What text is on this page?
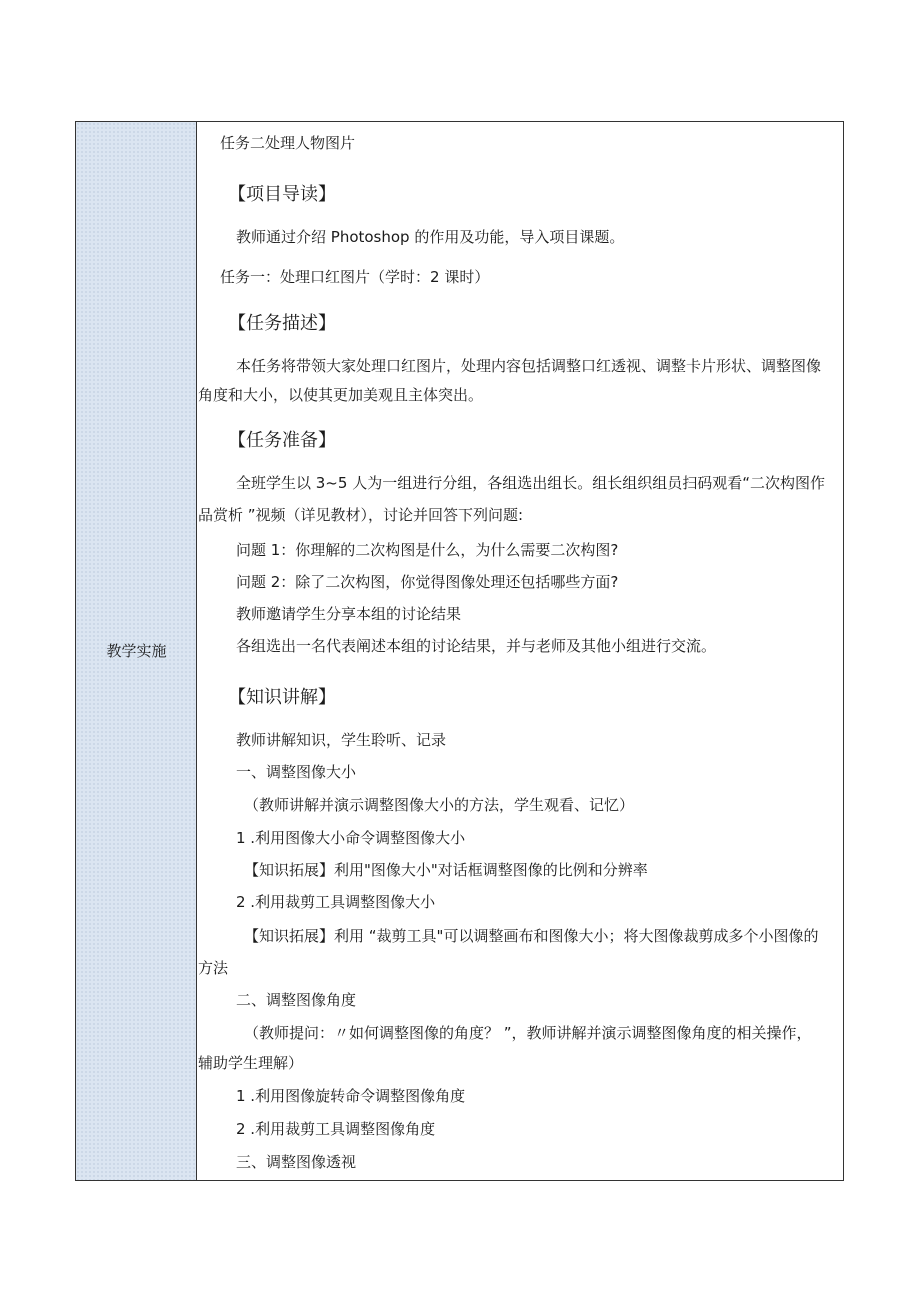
教学实施
任务二处理人物图片
【项目导读】
教师通过介绍 Photoshop 的作用及功能，导入项目课题。
任务一：处理口红图片（学时：2 课时）
【任务描述】
本任务将带领大家处理口红图片，处理内容包括调整口红透视、调整卡片形状、调整图像
角度和大小，以使其更加美观且主体突出。
【任务准备】
全班学生以 3~5 人为一组进行分组，各组选出组长。组长组织组员扫码观看“二次构图作
品赏析 ”视频（详见教材），讨论并回答下列问题:
问题 1：你理解的二次构图是什么，为什么需要二次构图?
问题 2：除了二次构图，你觉得图像处理还包括哪些方面?
教师邀请学生分享本组的讨论结果
各组选出一名代表阐述本组的讨论结果，并与老师及其他小组进行交流。
【知识讲解】
教师讲解知识，学生聆听、记录
一、调整图像大小
（教师讲解并演示调整图像大小的方法，学生观看、记忆）
1 .利用图像大小命令调整图像大小
【知识拓展】利用"图像大小"对话框调整图像的比例和分辨率
2 .利用裁剪工具调整图像大小
【知识拓展】利用 “裁剪工具"可以调整画布和图像大小；将大图像裁剪成多个小图像的
方法
二、调整图像角度
（教师提问：〃如何调整图像的角度？ ”，教师讲解并演示调整图像角度的相关操作，
辅助学生理解）
1 .利用图像旋转命令调整图像角度
2 .利用裁剪工具调整图像角度
三、调整图像透视
